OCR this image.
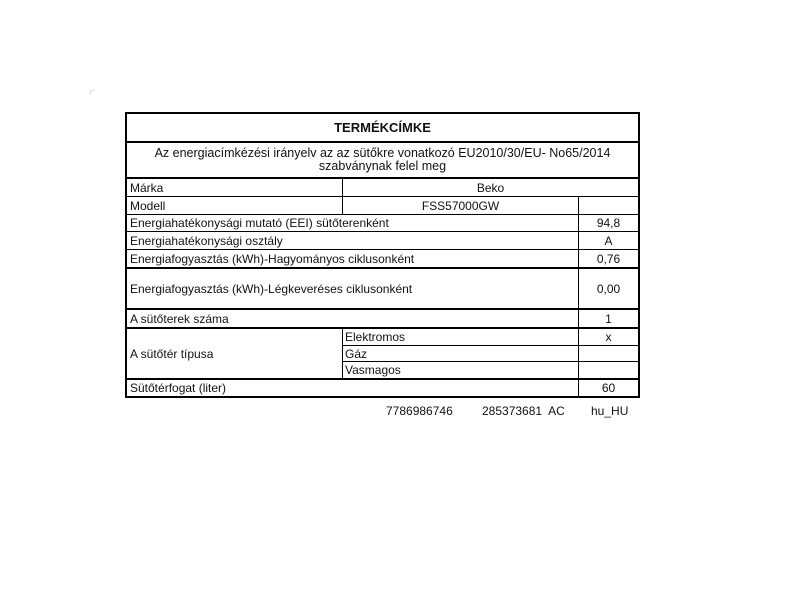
TERMÉKCÍMKE
Az energiacímkézési irányelv az az sütőkre vonatkozó EU2010/30/EU- No65/2014
szabványnak felel meg
Márka	Beko
Modell	FSS57000GW
Energiahatékonysági mutató (EEI) sütőterenként	94,8
Energiahatékonysági osztály	A
Energiafogyasztás (kWh)-Hagyományos ciklusonként	0,76
Energiafogyasztás (kWh)-Légkeveréses ciklusonként	0,00
A sütőterek száma	1
A sütőtér típusa
Elektromos	x
Gáz
Vasmagos
Sütőtérfogat (liter)	60
7786986746 285373681  AC hu_HU
